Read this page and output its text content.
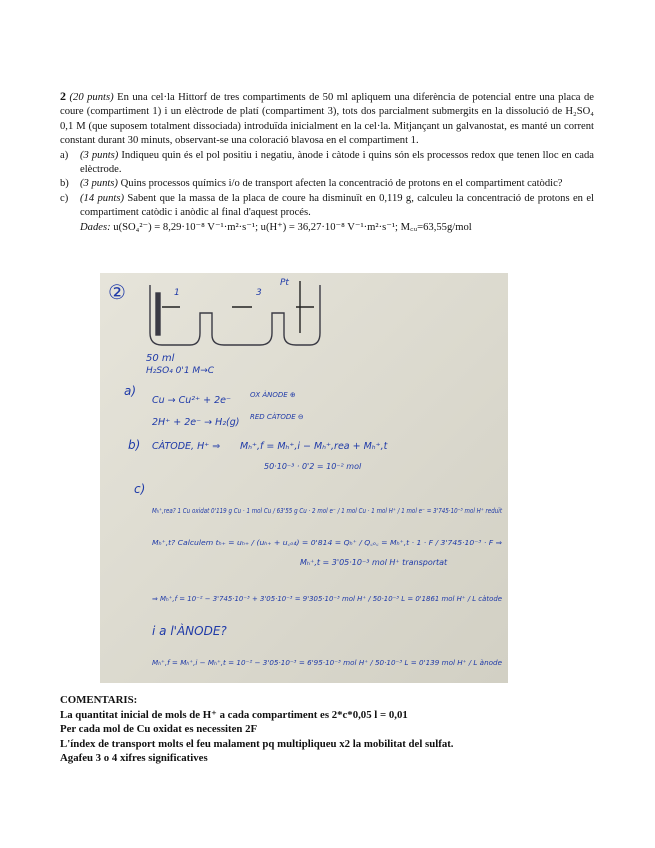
2 (20 punts) En una cel·la Hittorf de tres compartiments de 50 ml apliquem una diferència de potencial entre una placa de coure (compartiment 1) i un elèctrode de platí (compartiment 3), tots dos parcialment submergits en la dissolució de H₂SO₄ 0,1 M (que suposem totalment dissociada) introduïda inicialment en la cel·la. Mitjançant un galvanostat, es manté un corrent constant durant 30 minuts, observant-se una coloració blavosa en el compartiment 1.

a)	(3 punts) Indiqueu quin és el pol positiu i negatiu, ànode i càtode i quins són els processos redox que tenen lloc en cada elèctrode.
b)	(3 punts) Quins processos químics i/o de transport afecten la concentració de protons en el compartiment catòdic?
c)	(14 punts) Sabent que la massa de la placa de coure ha disminuït en 0,119 g, calculeu la concentració de protons en el compartiment catòdic i anòdic al final d'aquest procés.

Dades: u(SO₄²⁻) = 8,29·10⁻⁸ V⁻¹·m²·s⁻¹; u(H⁺) = 36,27·10⁻⁸ V⁻¹·m²·s⁻¹; M꜀ᵤ=63,55g/mol

②	1	3
Pt
50 ml
H₂SO₄ 0'1 M→C
a)
Cu → Cu²⁺ + 2e⁻	OX ÀNODE ⊕
2H⁺ + 2e⁻ → H₂(g) RED CÀTODE ⊖
b) CÀTODE, H⁺ ⇒ Mₕ⁺,f = Mₕ⁺,i − Mₕ⁺,rea + Mₕ⁺,t
50·10⁻³ · 0'2 = 10⁻² mol
c)
Mₕ⁺,rea? 1 Cu oxidat 0'119 g Cu · 1 mol Cu / 63'55 g Cu · 2 mol e⁻ / 1 mol Cu · 1 mol H⁺ / 1 mol e⁻ = 3'745·10⁻³ mol H⁺ reduït
Mₕ⁺,t? Calculem tₕ₊ = uₕ₊ / (uₕ₊ + u꜀ₒ₄) = 0'814 = Qₕ⁺ / Q꜀ₒ꜀ = Mₕ⁺,t · 1 · F / 3'745·10⁻³ · F ⇒
Mₕ⁺,t = 3'05·10⁻³ mol H⁺ transportat
⇒ Mₕ⁺,f = 10⁻² − 3'745·10⁻³ + 3'05·10⁻³ = 9'305·10⁻³ mol H⁺ / 50·10⁻³ L = 0'1861 mol H⁺ / L càtode
i a l'ÀNODE?
Mₕ⁺,f = Mₕ⁺,i − Mₕ⁺,t = 10⁻² − 3'05·10⁻³ = 6'95·10⁻³ mol H⁺ / 50·10⁻³ L = 0'139 mol H⁺ / L ànode

COMENTARIS:

La quantitat inicial de mols de H⁺ a cada compartiment es 2*c*0,05 l = 0,01

Per cada mol de Cu oxidat es necessiten 2F

L'índex de transport molts el feu malament pq multipliqueu x2 la mobilitat del sulfat.

Agafeu 3 o 4 xifres significatives
